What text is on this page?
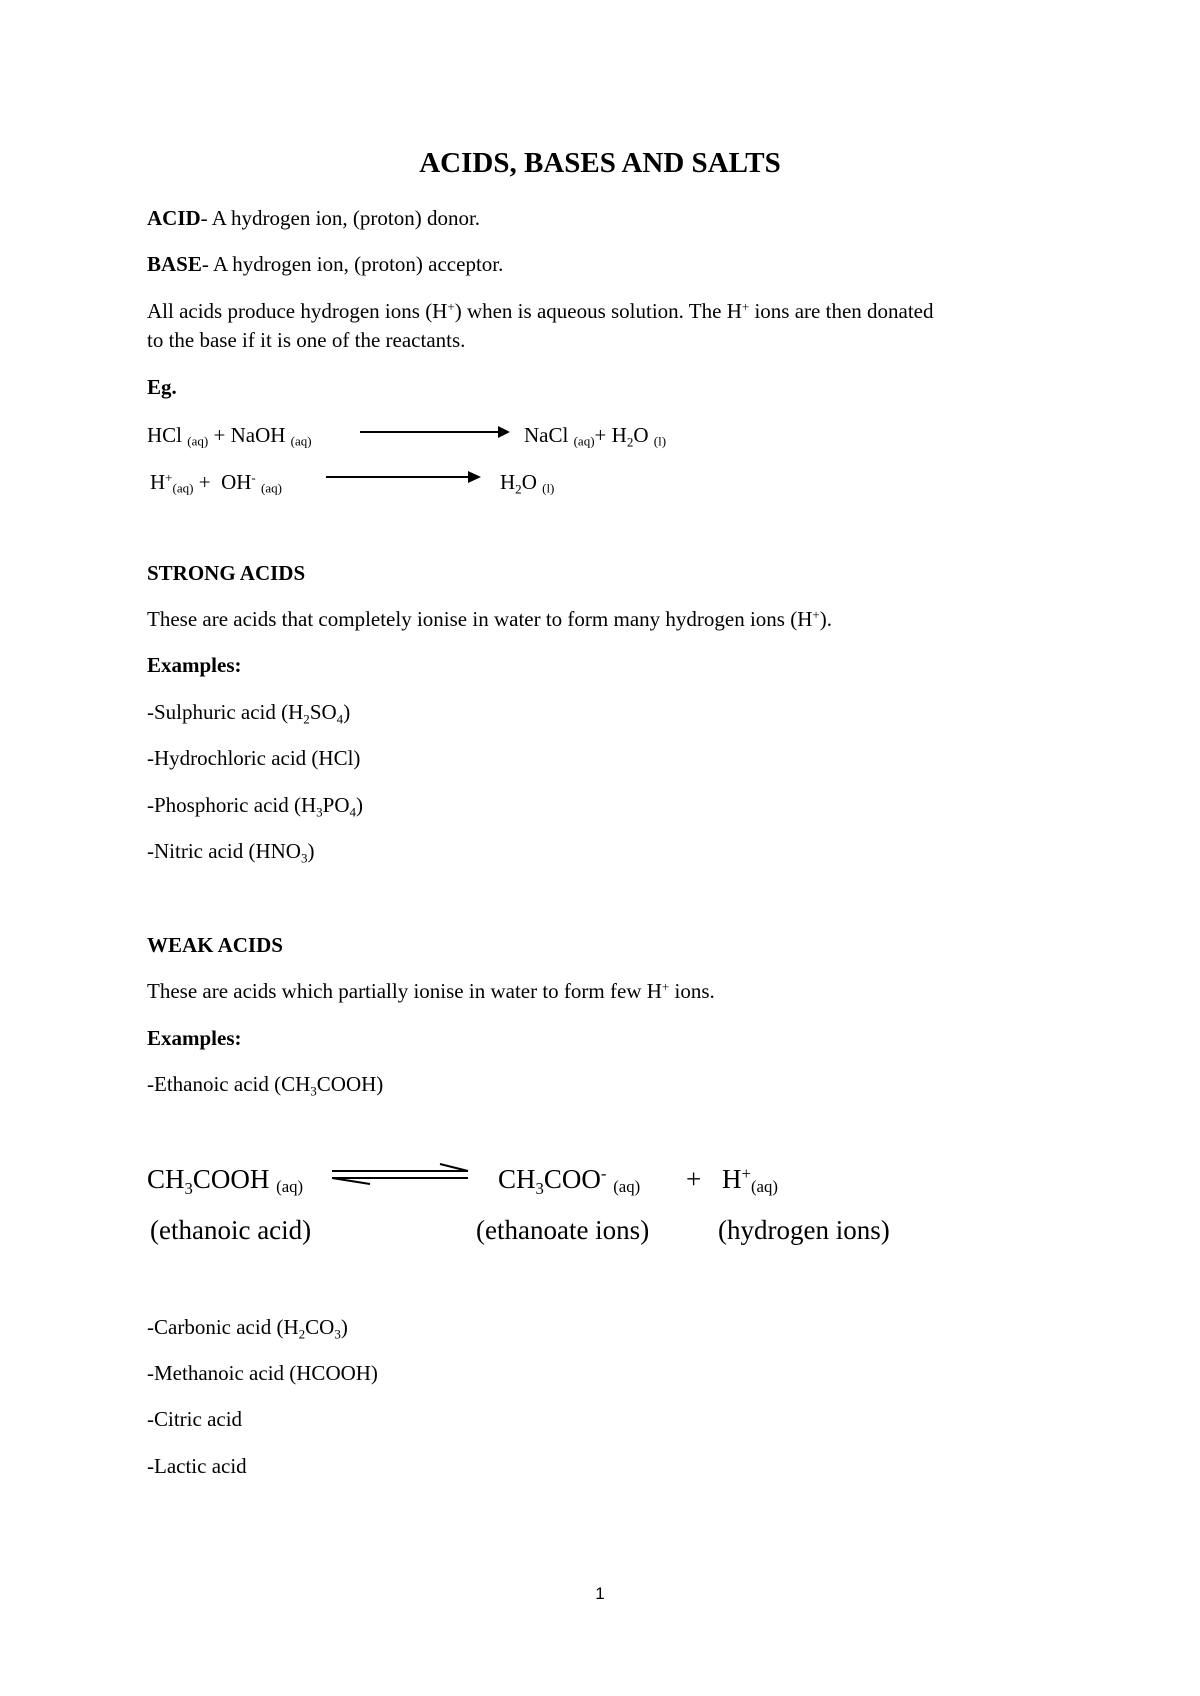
ACIDS, BASES AND SALTS
ACID- A hydrogen ion, (proton) donor.
BASE- A hydrogen ion, (proton) acceptor.
All acids produce hydrogen ions (H+) when is aqueous solution. The H+ ions are then donated
to the base if it is one of the reactants.
Eg.
HCl (aq) + NaOH (aq)	NaCl $(aq)+ H_2O$ (l)
H+(aq) + OH- (aq)	$H_2O$ (l)
STRONG ACIDS
These are acids that completely ionise in water to form many hydrogen ions (H+).
Examples:
-Sulphuric acid $(H_2SO_4)$
-Hydrochloric acid (HCl)
-Phosphoric acid $(H_3PO_4)$
-Nitric acid $(HNO_3)$
WEAK ACIDS
These are acids which partially ionise in water to form few H+ ions.
Examples:
-Ethanoic acid $(CH_3COOH)$
$CH_3COOH$ (aq)	$CH_3COO^-$ (aq) + H+(aq)
(ethanoic acid)	(ethanoate ions)	(hydrogen ions)
-Carbonic acid $(H_2CO_3)$
-Methanoic acid (HCOOH)
-Citric acid
-Lactic acid
1
